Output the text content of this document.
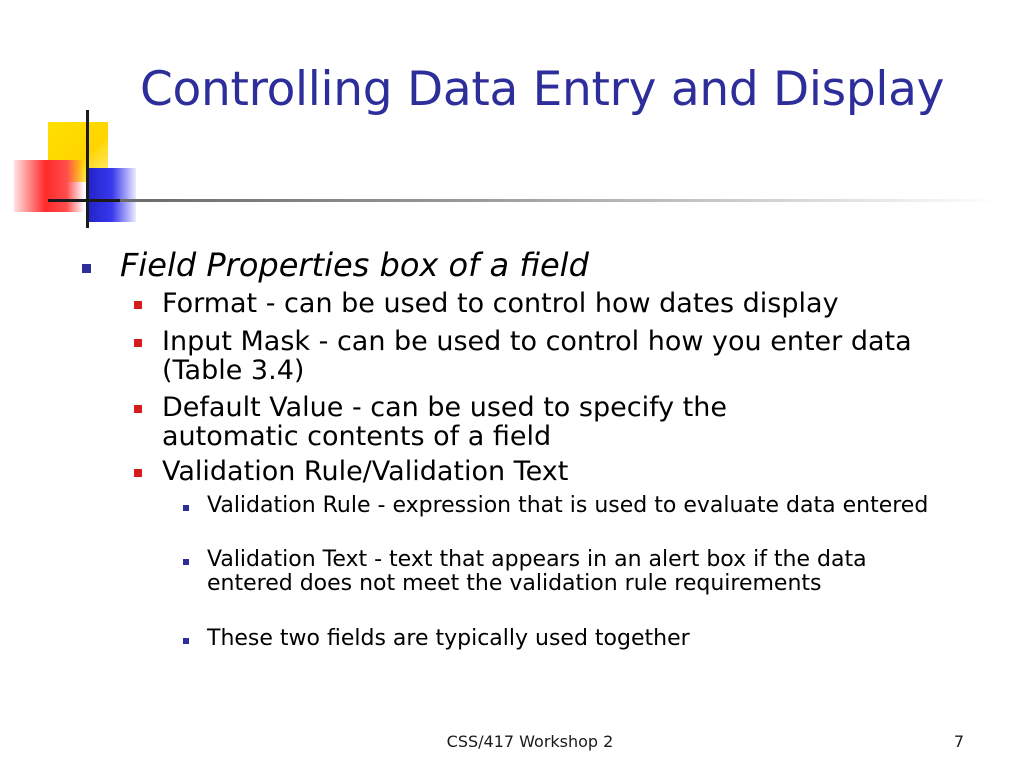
Controlling Data Entry and Display
Field Properties box of a field
Format - can be used to control how dates display
Input Mask - can be used to control how you enter data (Table 3.4)
Default Value - can be used to specify the automatic contents of a field
Validation Rule/Validation Text
Validation Rule - expression that is used to evaluate data entered
Validation Text - text that appears in an alert box if the data entered does not meet the validation rule requirements
These two fields are typically used together
CSS/417 Workshop 2	7
